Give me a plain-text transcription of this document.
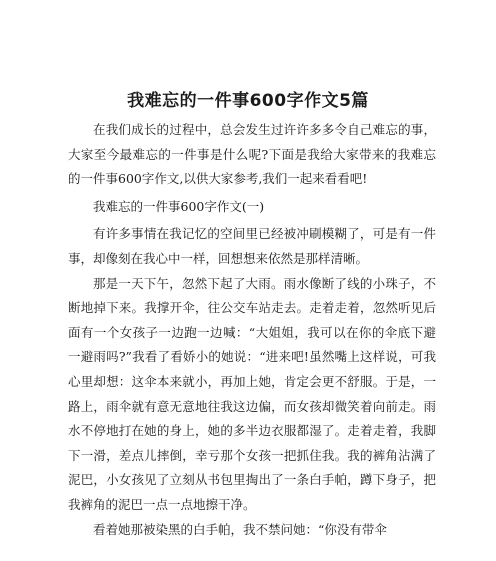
我难忘的一件事600字作文5篇

在我们成长的过程中，总会发生过许许多多令自己难忘的事，大家至今最难忘的一件事是什么呢?下面是我给大家带来的我难忘的一件事600字作文,以供大家参考,我们一起来看看吧!

我难忘的一件事600字作文(一)

有许多事情在我记忆的空间里已经被冲刷模糊了，可是有一件事，却像刻在我心中一样，回想想来依然是那样清晰。

那是一天下午，忽然下起了大雨。雨水像断了线的小珠子，不断地掉下来。我撑开伞，往公交车站走去。走着走着，忽然听见后面有一个女孩子一边跑一边喊：“大姐姐，我可以在你的伞底下避一避雨吗?”我看了看娇小的她说：“进来吧!虽然嘴上这样说，可我心里却想：这伞本来就小，再加上她，肯定会更不舒服。于是，一路上，雨伞就有意无意地往我这边偏，而女孩却微笑着向前走。雨水不停地打在她的身上，她的多半边衣服都湿了。走着走着，我脚下一滑，差点儿摔倒，幸亏那个女孩一把抓住我。我的裤角沾满了泥巴，小女孩见了立刻从书包里掏出了一条白手帕，蹲下身子，把我裤角的泥巴一点一点地擦干净。

看着她那被染黑的白手帕，我不禁问她：“你没有带伞
